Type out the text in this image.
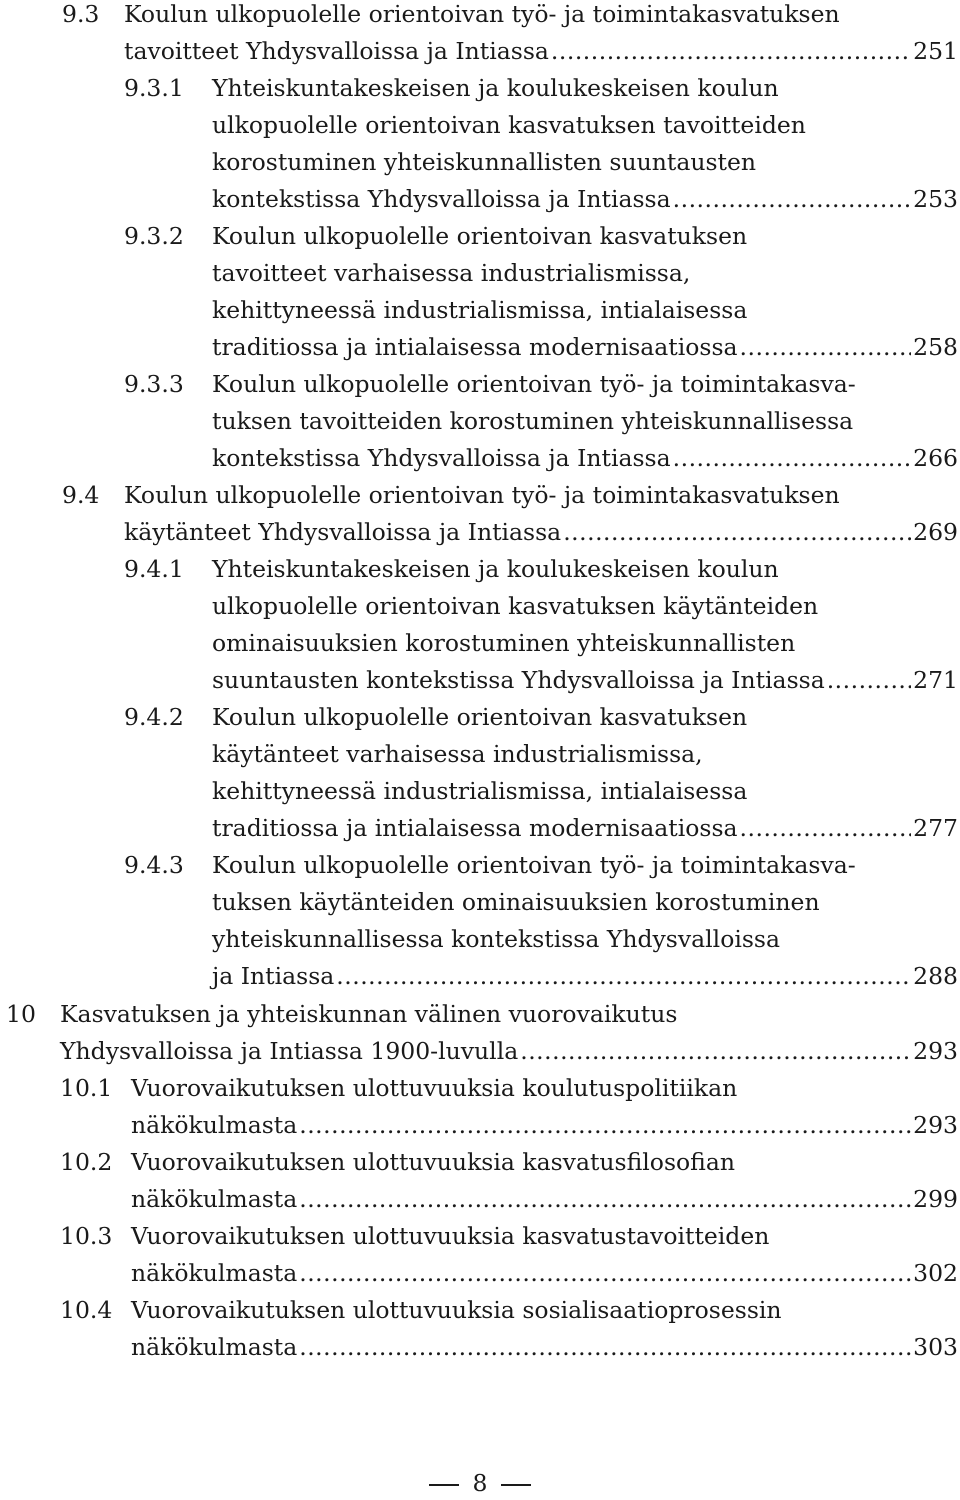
9.3 Koulun ulkopuolelle orientoivan työ- ja toimintakasvatuksen
tavoitteet Yhdysvalloissa ja Intiassa .....	251
9.3.1 Yhteiskuntakeskeisen ja koulukeskeisen koulun
ulkopuolelle orientoivan kasvatuksen tavoitteiden
korostuminen yhteiskunnallisten suuntausten
kontekstissa Yhdysvalloissa ja Intiassa .....	253
9.3.2 Koulun ulkopuolelle orientoivan kasvatuksen
tavoitteet varhaisessa industrialismissa,
kehittyneessä industrialismissa, intialaisessa
traditiossa ja intialaisessa modernisaatiossa .....	258
9.3.3 Koulun ulkopuolelle orientoivan työ- ja toimintakasva-
tuksen tavoitteiden korostuminen yhteiskunnallisessa
kontekstissa Yhdysvalloissa ja Intiassa .....	266
9.4 Koulun ulkopuolelle orientoivan työ- ja toimintakasvatuksen
käytänteet Yhdysvalloissa ja Intiassa .....	269
9.4.1 Yhteiskuntakeskeisen ja koulukeskeisen koulun
ulkopuolelle orientoivan kasvatuksen käytänteiden
ominaisuuksien korostuminen yhteiskunnallisten
suuntausten kontekstissa Yhdysvalloissa ja Intiassa .....	271
9.4.2 Koulun ulkopuolelle orientoivan kasvatuksen
käytänteet varhaisessa industrialismissa,
kehittyneessä industrialismissa, intialaisessa
traditiossa ja intialaisessa modernisaatiossa .....	277
9.4.3 Koulun ulkopuolelle orientoivan työ- ja toimintakasva-
tuksen käytänteiden ominaisuuksien korostuminen
yhteiskunnallisessa kontekstissa Yhdysvalloissa
ja Intiassa .....	288
10 Kasvatuksen ja yhteiskunnan välinen vuorovaikutus
Yhdysvalloissa ja Intiassa 1900-luvulla .....	293
10.1 Vuorovaikutuksen ulottuvuuksia koulutuspolitiikan
näkökulmasta .....	293
10.2 Vuorovaikutuksen ulottuvuuksia kasvatusfilosofian
näkökulmasta .....	299
10.3 Vuorovaikutuksen ulottuvuuksia kasvatustavoitteiden
näkökulmasta .....	302
10.4 Vuorovaikutuksen ulottuvuuksia sosialisaatioprosessin
näkökulmasta .....	303
8
